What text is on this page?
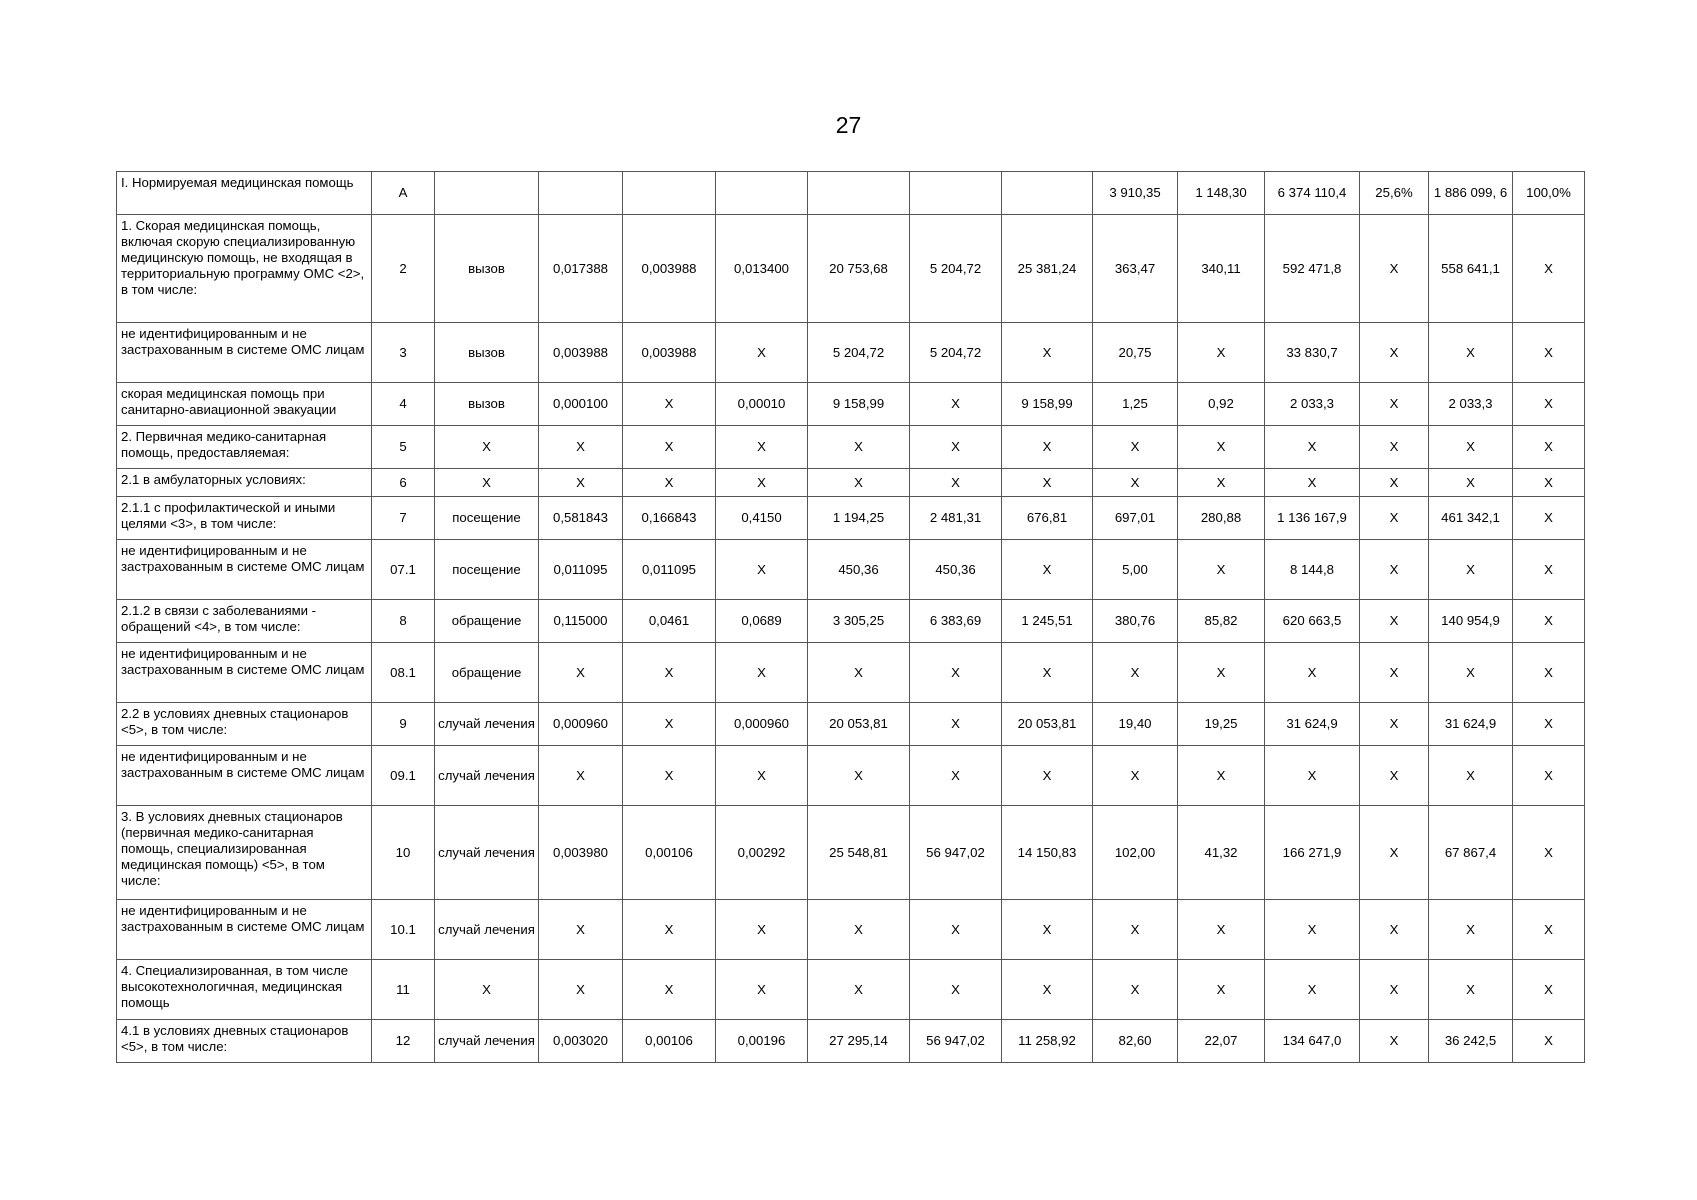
27
I. Нормируемая медицинская помощь	А								3 910,35	1 148,30	6 374 110,4	25,6%	1 886 099, 6	100,0%
1. Скорая медицинская помощь, включая скорую специализированную медицинскую помощь, не входящая в территориальную программу ОМС <2>, в том числе:	2	вызов	0,017388	0,003988	0,013400	20 753,68	5 204,72	25 381,24	363,47	340,11	592 471,8	X	558 641,1	X
не идентифицированным и не застрахованным в системе ОМС лицам	3	вызов	0,003988	0,003988	X	5 204,72	5 204,72	X	20,75	X	33 830,7	X	X	X
скорая медицинская помощь при санитарно-авиационной эвакуации	4	вызов	0,000100	X	0,00010	9 158,99	X	9 158,99	1,25	0,92	2 033,3	X	2 033,3	X
2. Первичная медико-санитарная помощь, предоставляемая:	5	X	X	X	X	X	X	X	X	X	X	X	X	X
2.1 в амбулаторных условиях:	6	X	X	X	X	X	X	X	X	X	X	X	X	X
2.1.1 с профилактической и иными целями <3>, в том числе:	7	посещение	0,581843	0,166843	0,4150	1 194,25	2 481,31	676,81	697,01	280,88	1 136 167,9	X	461 342,1	X
не идентифицированным и не застрахованным в системе ОМС лицам	07.1	посещение	0,011095	0,011095	X	450,36	450,36	X	5,00	X	8 144,8	X	X	X
2.1.2 в связи с заболеваниями - обращений <4>, в том числе:	8	обращение	0,115000	0,0461	0,0689	3 305,25	6 383,69	1 245,51	380,76	85,82	620 663,5	X	140 954,9	X
не идентифицированным и не застрахованным в системе ОМС лицам	08.1	обращение	X	X	X	X	X	X	X	X	X	X	X	X
2.2 в условиях дневных стационаров <5>, в том числе:	9	случай лечения	0,000960	X	0,000960	20 053,81	X	20 053,81	19,40	19,25	31 624,9	X	31 624,9	X
не идентифицированным и не застрахованным в системе ОМС лицам	09.1	случай лечения	X	X	X	X	X	X	X	X	X	X	X	X
3. В условиях дневных стационаров (первичная медико-санитарная помощь, специализированная медицинская помощь) <5>, в том числе:	10	случай лечения	0,003980	0,00106	0,00292	25 548,81	56 947,02	14 150,83	102,00	41,32	166 271,9	X	67 867,4	X
не идентифицированным и не застрахованным в системе ОМС лицам	10.1	случай лечения	X	X	X	X	X	X	X	X	X	X	X	X
4. Специализированная, в том числе высокотехнологичная, медицинская помощь	11	X	X	X	X	X	X	X	X	X	X	X	X	X
4.1 в условиях дневных стационаров <5>, в том числе:	12	случай лечения	0,003020	0,00106	0,00196	27 295,14	56 947,02	11 258,92	82,60	22,07	134 647,0	X	36 242,5	X
